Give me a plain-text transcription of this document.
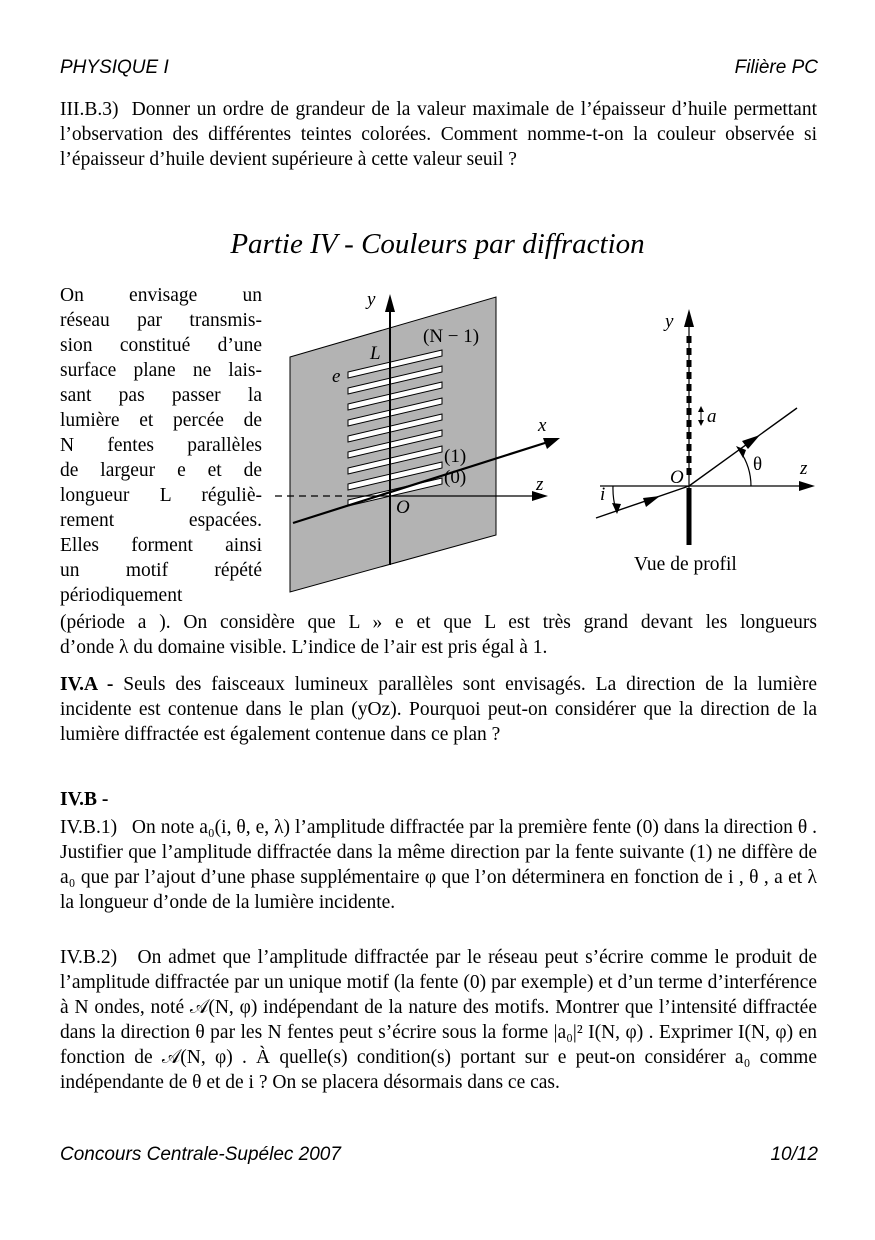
PHYSIQUE I	Filière PC

III.B.3) Donner un ordre de grandeur de la valeur maximale de l’épaisseur d’huile permettant l’observation des différentes teintes colorées. Comment nomme-t-on la couleur observée si l’épaisseur d’huile devient supérieure à cette valeur seuil ?

Partie IV - Couleurs par diffraction
On envisage un
réseau par transmis-
sion constitué d’une
surface plane ne lais-
sant pas passer la
lumière et percée de
N fentes parallèles
de largeur e et de
longueur L réguliè-
rement espacées.
Elles forment ainsi
un motif répété
périodiquement
y
(N − 1)
L
e
x
(1)
(0)	z
O
y
a
θ z
O
i
Vue de profil
(période a ). On considère que L » e et que L est très grand devant les longueurs
d’onde λ du domaine visible. L’indice de l’air est pris égal à 1.

IV.A - Seuls des faisceaux lumineux parallèles sont envisagés. La direction de la lumière incidente est contenue dans le plan (yOz). Pourquoi peut-on considérer que la direction de la lumière diffractée est également contenue dans ce plan ?

IV.B -

IV.B.1) On note a₀(i, θ, e, λ) l’amplitude diffractée par la première fente (0) dans la direction θ . Justifier que l’amplitude diffractée dans la même direction par la fente suivante (1) ne diffère de a₀ que par l’ajout d’une phase supplémentaire φ que l’on déterminera en fonction de i , θ , a et λ la longueur d’onde de la lumière incidente.

IV.B.2) On admet que l’amplitude diffractée par le réseau peut s’écrire comme le produit de l’amplitude diffractée par un unique motif (la fente (0) par exemple) et d’un terme d’interférence à N ondes, noté 𝒜(N, φ) indépendant de la nature des motifs. Montrer que l’intensité diffractée dans la direction θ par les N fentes peut s’écrire sous la forme |a₀|² I(N, φ) . Exprimer I(N, φ) en fonction de 𝒜(N, φ) . À quelle(s) condition(s) portant sur e peut-on considérer a₀ comme indépendante de θ et de i ? On se placera désormais dans ce cas.

Concours Centrale-Supélec 2007	10/12
